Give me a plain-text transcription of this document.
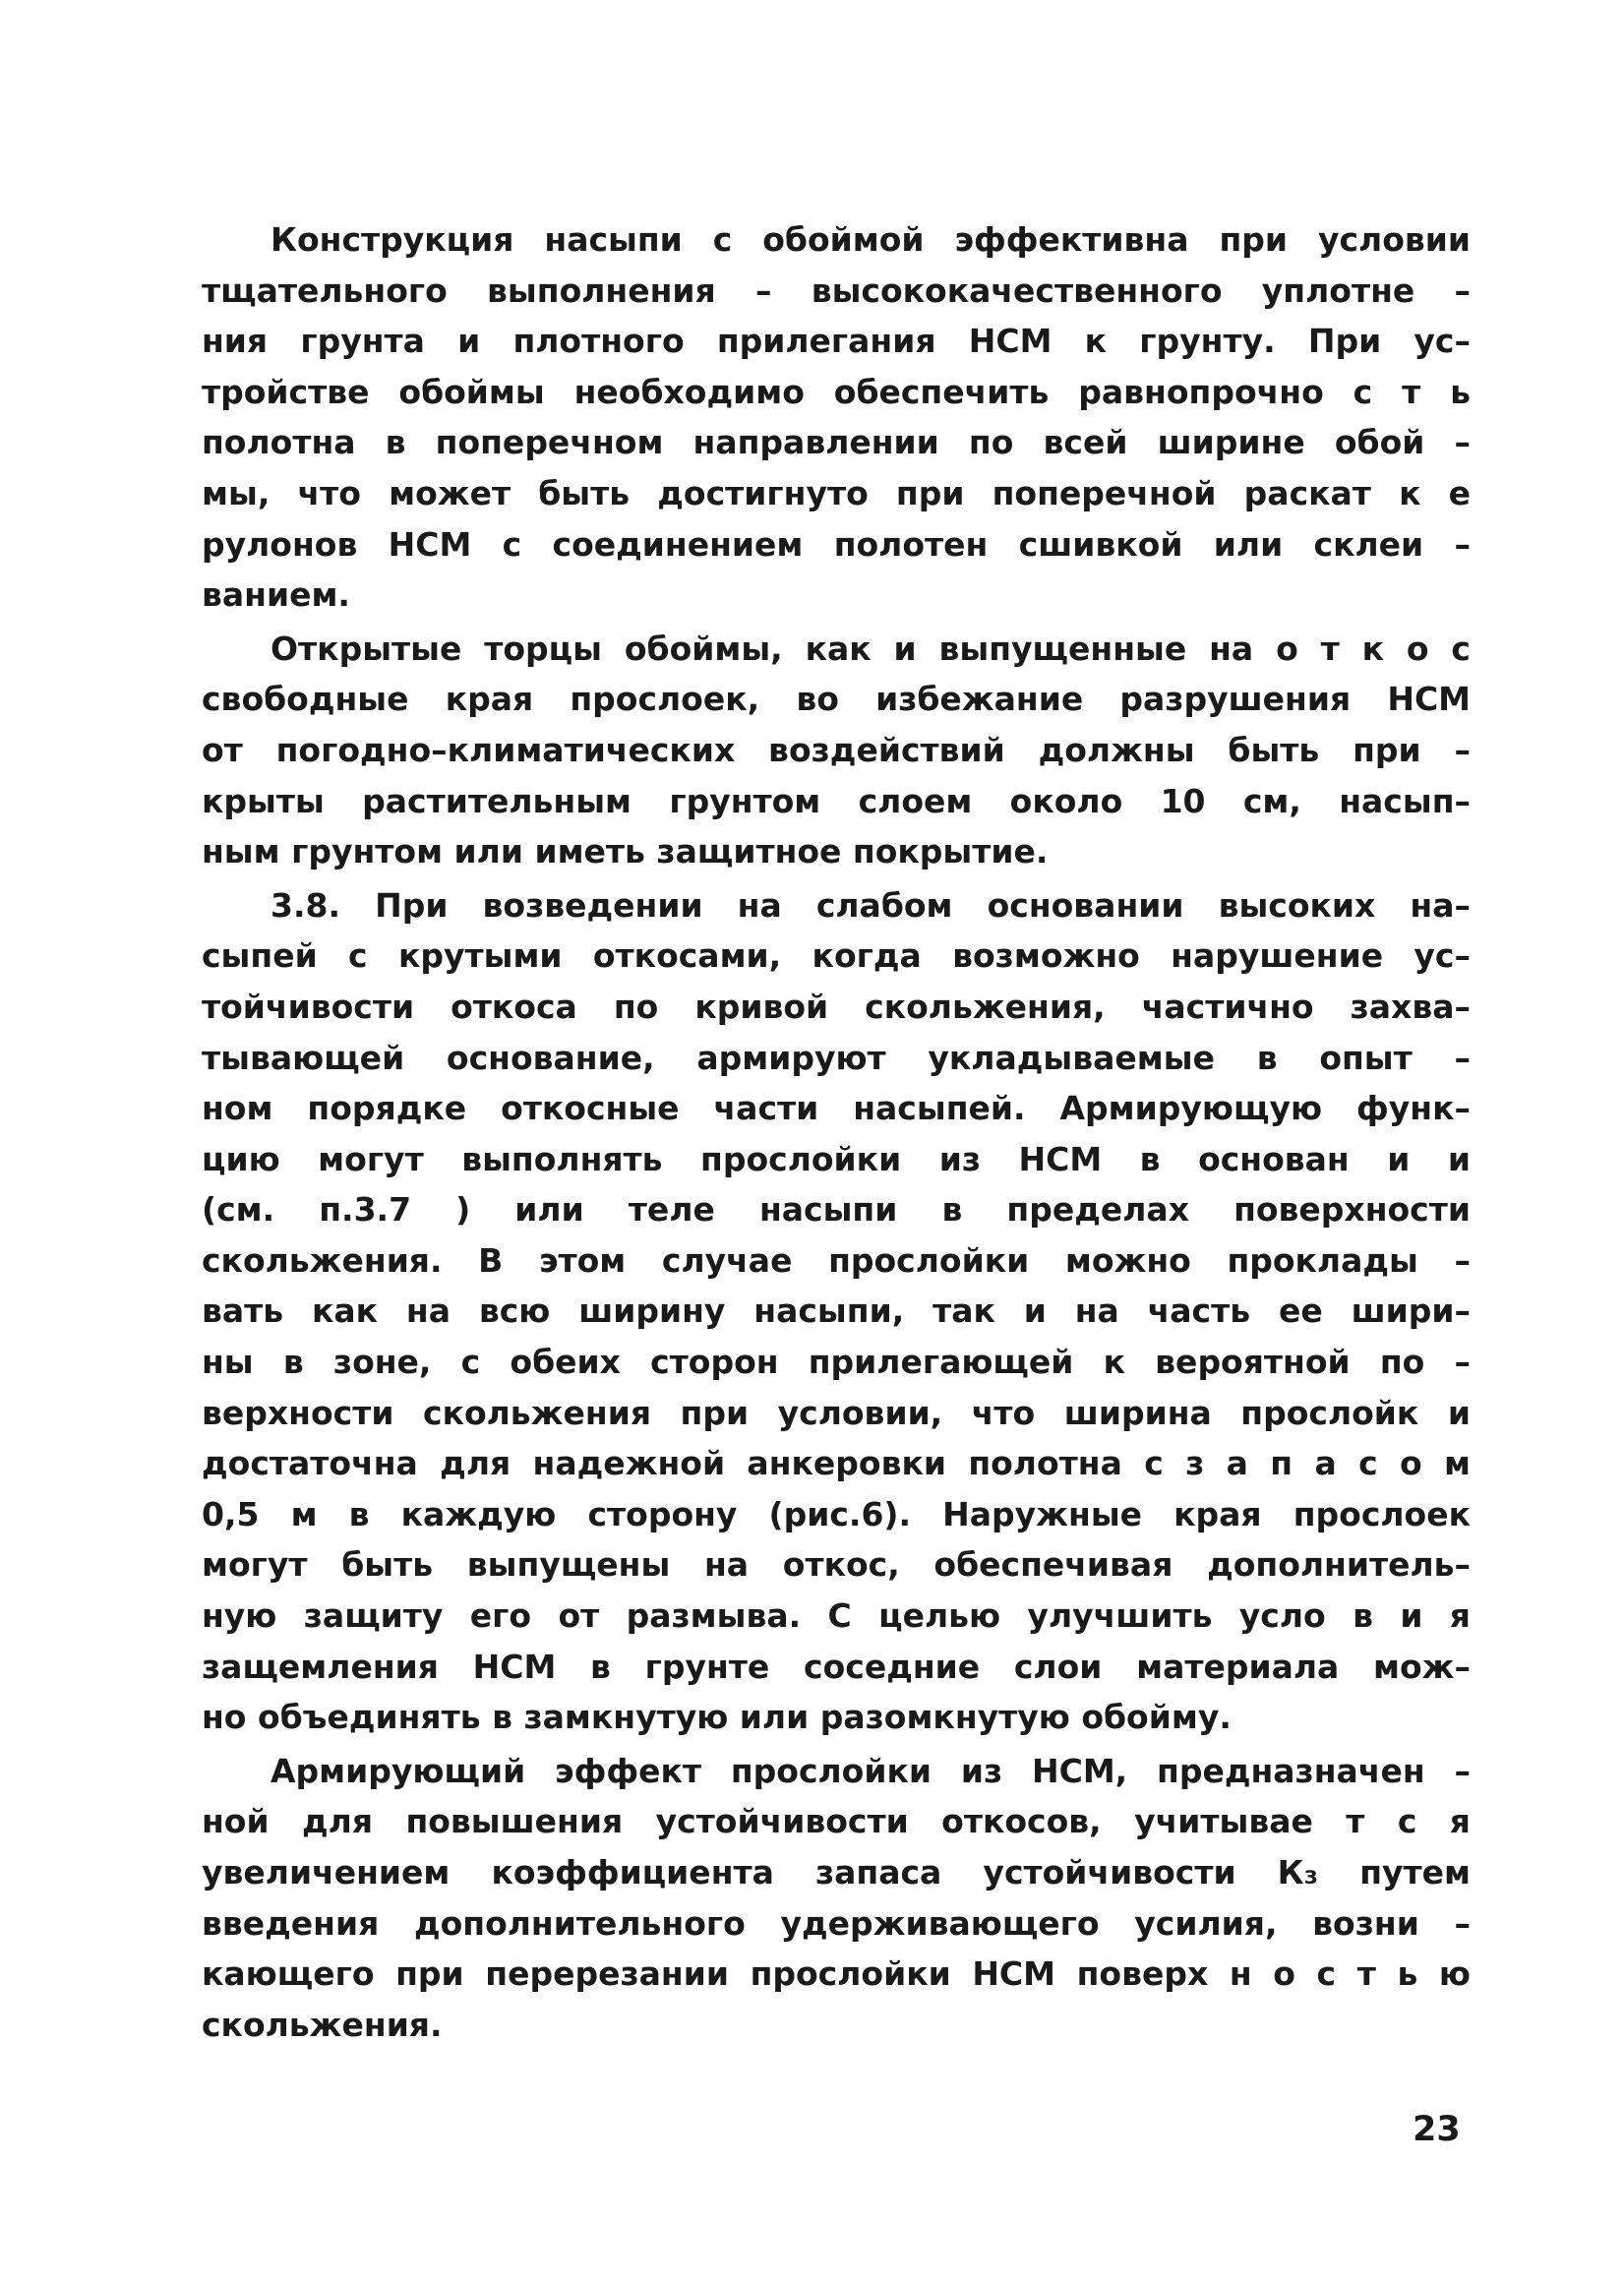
Конструкция насыпи с обоймой эффективна при условии
тщательного выполнения – высококачественного уплотне –
ния грунта и плотного прилегания НСМ к грунту. При ус–
тройстве обоймы необходимо обеспечить равнопрочно с т ь
полотна в поперечном направлении по всей ширине обой –
мы, что может быть достигнуто при поперечной раскат к е
рулонов НСМ с соединением полотен сшивкой или склеи –
ванием.
Открытые торцы обоймы, как и выпущенные на о т к о с
свободные края прослоек, во избежание разрушения НСМ
от погодно–климатических воздействий должны быть при –
крыты растительным грунтом слоем около 10 см, насып–
ным грунтом или иметь защитное покрытие.
3.8. При возведении на слабом основании высоких на–
сыпей с крутыми откосами, когда возможно нарушение ус–
тойчивости откоса по кривой скольжения, частично захва–
тывающей основание, армируют укладываемые в опыт –
ном порядке откосные части насыпей. Армирующую функ–
цию могут выполнять прослойки из НСМ в основан и и
(см. п.3.7 ) или теле насыпи в пределах поверхности
скольжения. В этом случае прослойки можно проклады –
вать как на всю ширину насыпи, так и на часть ее шири–
ны в зоне, с обеих сторон прилегающей к вероятной по –
верхности скольжения при условии, что ширина прослойк и
достаточна для надежной анкеровки полотна с з а п а с о м
0,5 м в каждую сторону (рис.6). Наружные края прослоек
могут быть выпущены на откос, обеспечивая дополнитель–
ную защиту его от размыва. С целью улучшить усло в и я
защемления НСМ в грунте соседние слои материала мож–
но объединять в замкнутую или разомкнутую обойму.
Армирующий эффект прослойки из НСМ, предназначен –
ной для повышения устойчивости откосов, учитывае т с я
увеличением коэффициента запаса устойчивости К₃ путем
введения дополнительного удерживающего усилия, возни –
кающего при перерезании прослойки НСМ поверх н о с т ь ю
скольжения.
23
